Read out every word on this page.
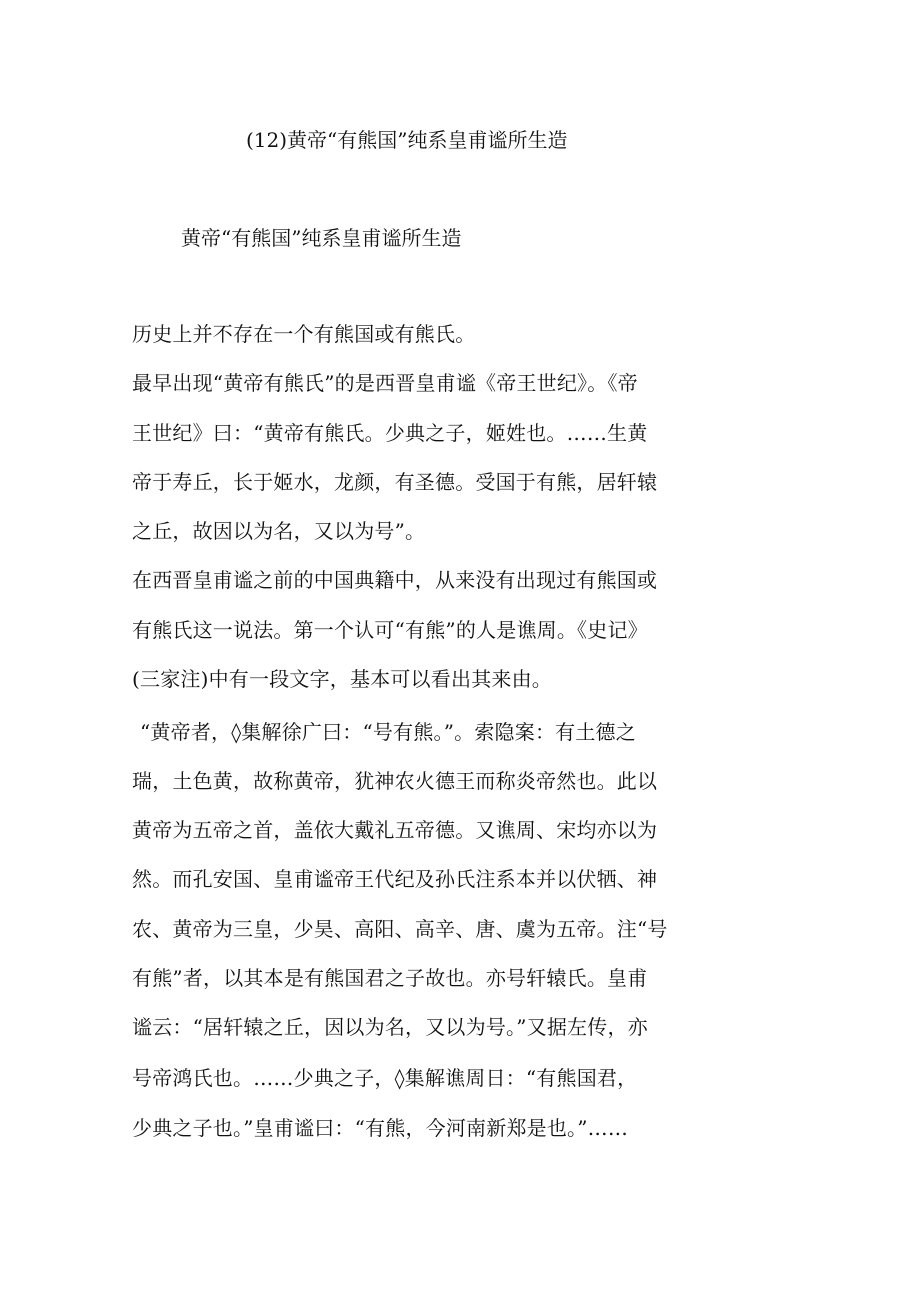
(12)黄帝“有熊国”纯系皇甫谧所生造
黄帝“有熊国”纯系皇甫谧所生造
历史上并不存在一个有熊国或有熊氏。
最早出现“黄帝有熊氏”的是西晋皇甫谧《帝王世纪》。《帝
王世纪》曰：“黄帝有熊氏。少典之子，姬姓也。……生黄
帝于寿丘，长于姬水，龙颜，有圣德。受国于有熊，居轩辕
之丘，故因以为名，又以为号”。
在西晋皇甫谧之前的中国典籍中，从来没有出现过有熊国或
有熊氏这一说法。第一个认可“有熊”的人是谯周。《史记》
(三家注)中有一段文字，基本可以看出其来由。
“黄帝者，◊集解徐广曰：“号有熊。”。索隐案：有土德之
瑞，土色黄，故称黄帝，犹神农火德王而称炎帝然也。此以
黄帝为五帝之首，盖依大戴礼五帝德。又谯周、宋均亦以为
然。而孔安国、皇甫谧帝王代纪及孙氏注系本并以伏牺、神
农、黄帝为三皇，少昊、高阳、高辛、唐、虞为五帝。注“号
有熊”者，以其本是有熊国君之子故也。亦号轩辕氏。皇甫
谧云：“居轩辕之丘，因以为名，又以为号。”又据左传，亦
号帝鸿氏也。……少典之子，◊集解谯周日：“有熊国君，
少典之子也。”皇甫谧曰：“有熊，今河南新郑是也。”……
